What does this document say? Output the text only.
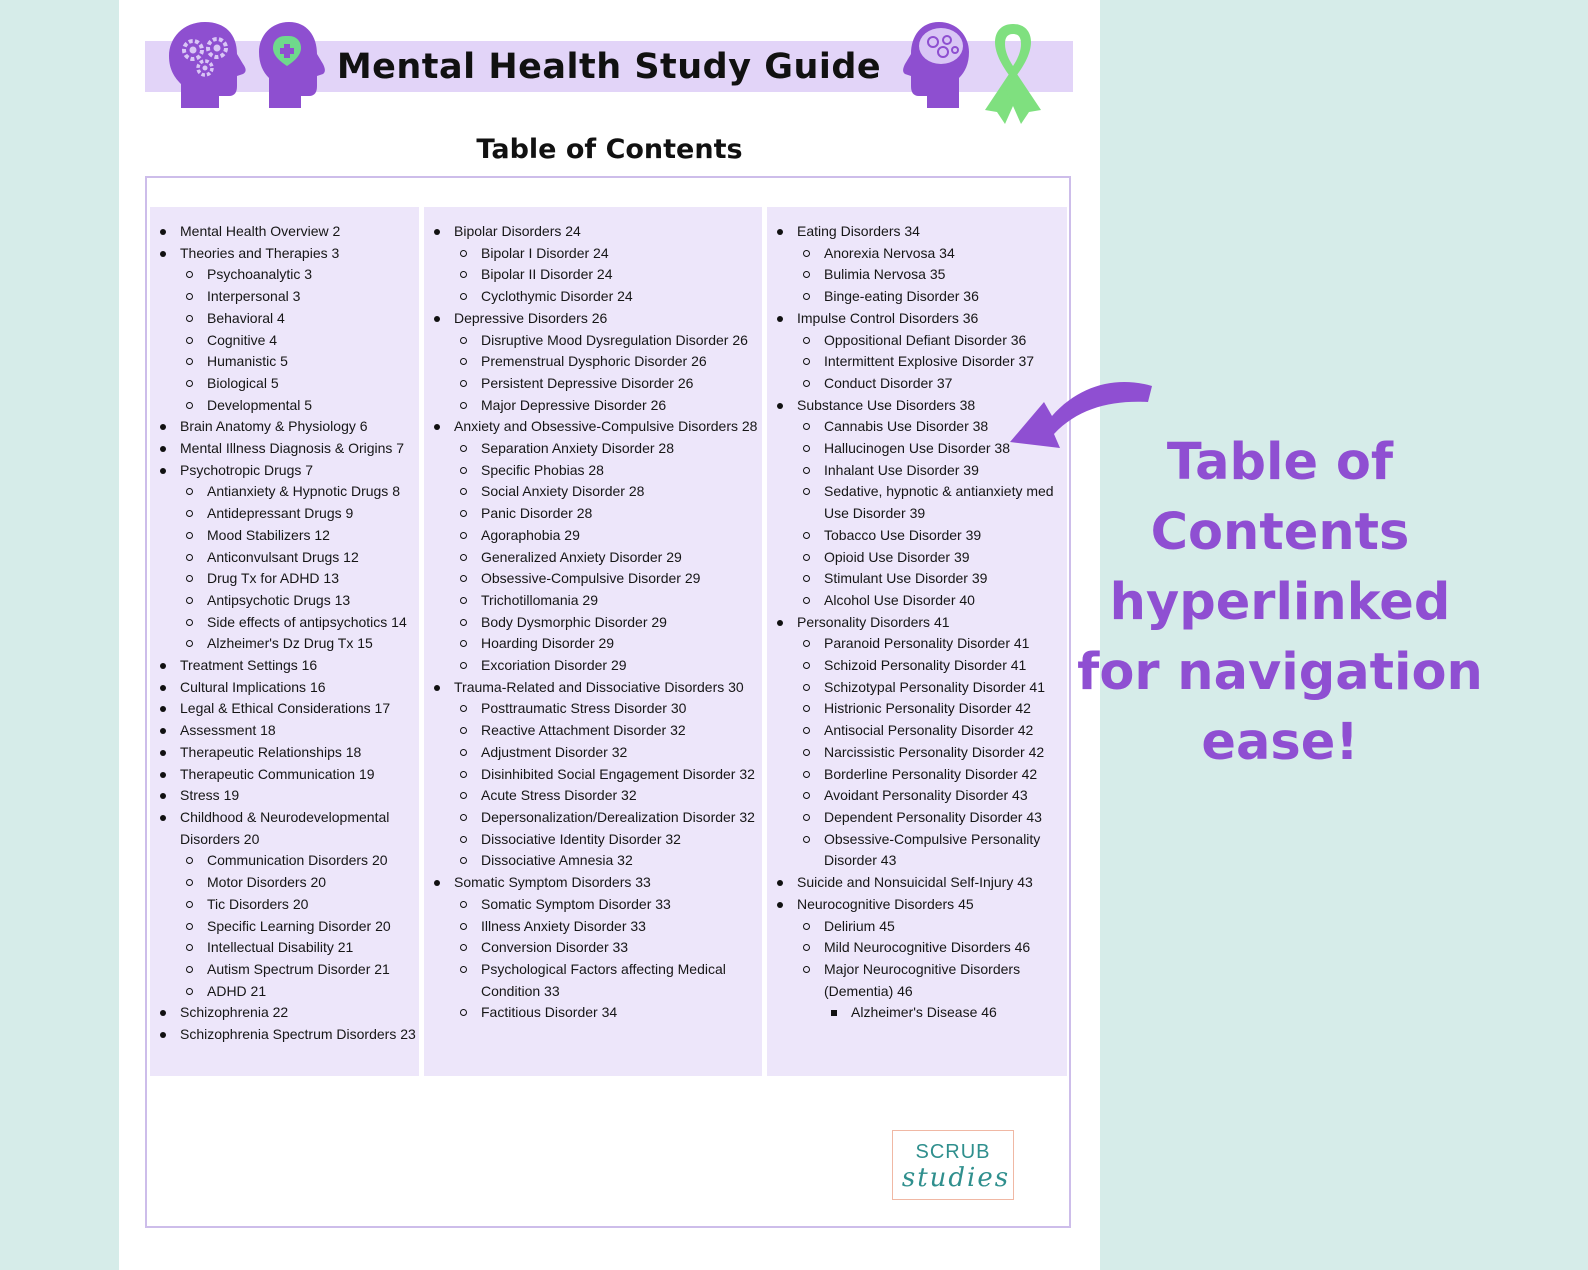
Mental Health Study Guide
Table of Contents
Mental Health Overview 2
Theories and Therapies 3
Psychoanalytic 3
Interpersonal 3
Behavioral 4
Cognitive 4
Humanistic 5
Biological 5
Developmental 5
Brain Anatomy & Physiology 6
Mental Illness Diagnosis & Origins 7
Psychotropic Drugs 7
Antianxiety & Hypnotic Drugs 8
Antidepressant Drugs 9
Mood Stabilizers 12
Anticonvulsant Drugs 12
Drug Tx for ADHD 13
Antipsychotic Drugs 13
Side effects of antipsychotics 14
Alzheimer's Dz Drug Tx 15
Treatment Settings 16
Cultural Implications 16
Legal & Ethical Considerations 17
Assessment 18
Therapeutic Relationships 18
Therapeutic Communication 19
Stress 19
Childhood & Neurodevelopmental Disorders 20
Communication Disorders 20
Motor Disorders 20
Tic Disorders 20
Specific Learning Disorder 20
Intellectual Disability 21
Autism Spectrum Disorder 21
ADHD 21
Schizophrenia 22
Schizophrenia Spectrum Disorders 23
Bipolar Disorders 24
Bipolar I Disorder 24
Bipolar II Disorder 24
Cyclothymic Disorder 24
Depressive Disorders 26
Disruptive Mood Dysregulation Disorder 26
Premenstrual Dysphoric Disorder 26
Persistent Depressive Disorder 26
Major Depressive Disorder 26
Anxiety and Obsessive-Compulsive Disorders 28
Separation Anxiety Disorder 28
Specific Phobias 28
Social Anxiety Disorder 28
Panic Disorder 28
Agoraphobia 29
Generalized Anxiety Disorder 29
Obsessive-Compulsive Disorder 29
Trichotillomania 29
Body Dysmorphic Disorder 29
Hoarding Disorder 29
Excoriation Disorder 29
Trauma-Related and Dissociative Disorders 30
Posttraumatic Stress Disorder 30
Reactive Attachment Disorder 32
Adjustment Disorder 32
Disinhibited Social Engagement Disorder 32
Acute Stress Disorder 32
Depersonalization/Derealization Disorder 32
Dissociative Identity Disorder 32
Dissociative Amnesia 32
Somatic Symptom Disorders 33
Somatic Symptom Disorder 33
Illness Anxiety Disorder 33
Conversion Disorder 33
Psychological Factors affecting Medical Condition 33
Factitious Disorder 34
Eating Disorders 34
Anorexia Nervosa 34
Bulimia Nervosa 35
Binge-eating Disorder 36
Impulse Control Disorders 36
Oppositional Defiant Disorder 36
Intermittent Explosive Disorder 37
Conduct Disorder 37
Substance Use Disorders 38
Cannabis Use Disorder 38
Hallucinogen Use Disorder 38
Inhalant Use Disorder 39
Sedative, hypnotic & antianxiety med Use Disorder 39
Tobacco Use Disorder 39
Opioid Use Disorder 39
Stimulant Use Disorder 39
Alcohol Use Disorder 40
Personality Disorders 41
Paranoid Personality Disorder 41
Schizoid Personality Disorder 41
Schizotypal Personality Disorder 41
Histrionic Personality Disorder 42
Antisocial Personality Disorder 42
Narcissistic Personality Disorder 42
Borderline Personality Disorder 42
Avoidant Personality Disorder 43
Dependent Personality Disorder 43
Obsessive-Compulsive Personality Disorder 43
Suicide and Nonsuicidal Self-Injury 43
Neurocognitive Disorders 45
Delirium 45
Mild Neurocognitive Disorders 46
Major Neurocognitive Disorders (Dementia) 46
Alzheimer's Disease 46
SCRUB
studies
Table of
Contents
hyperlinked
for navigation
ease!
